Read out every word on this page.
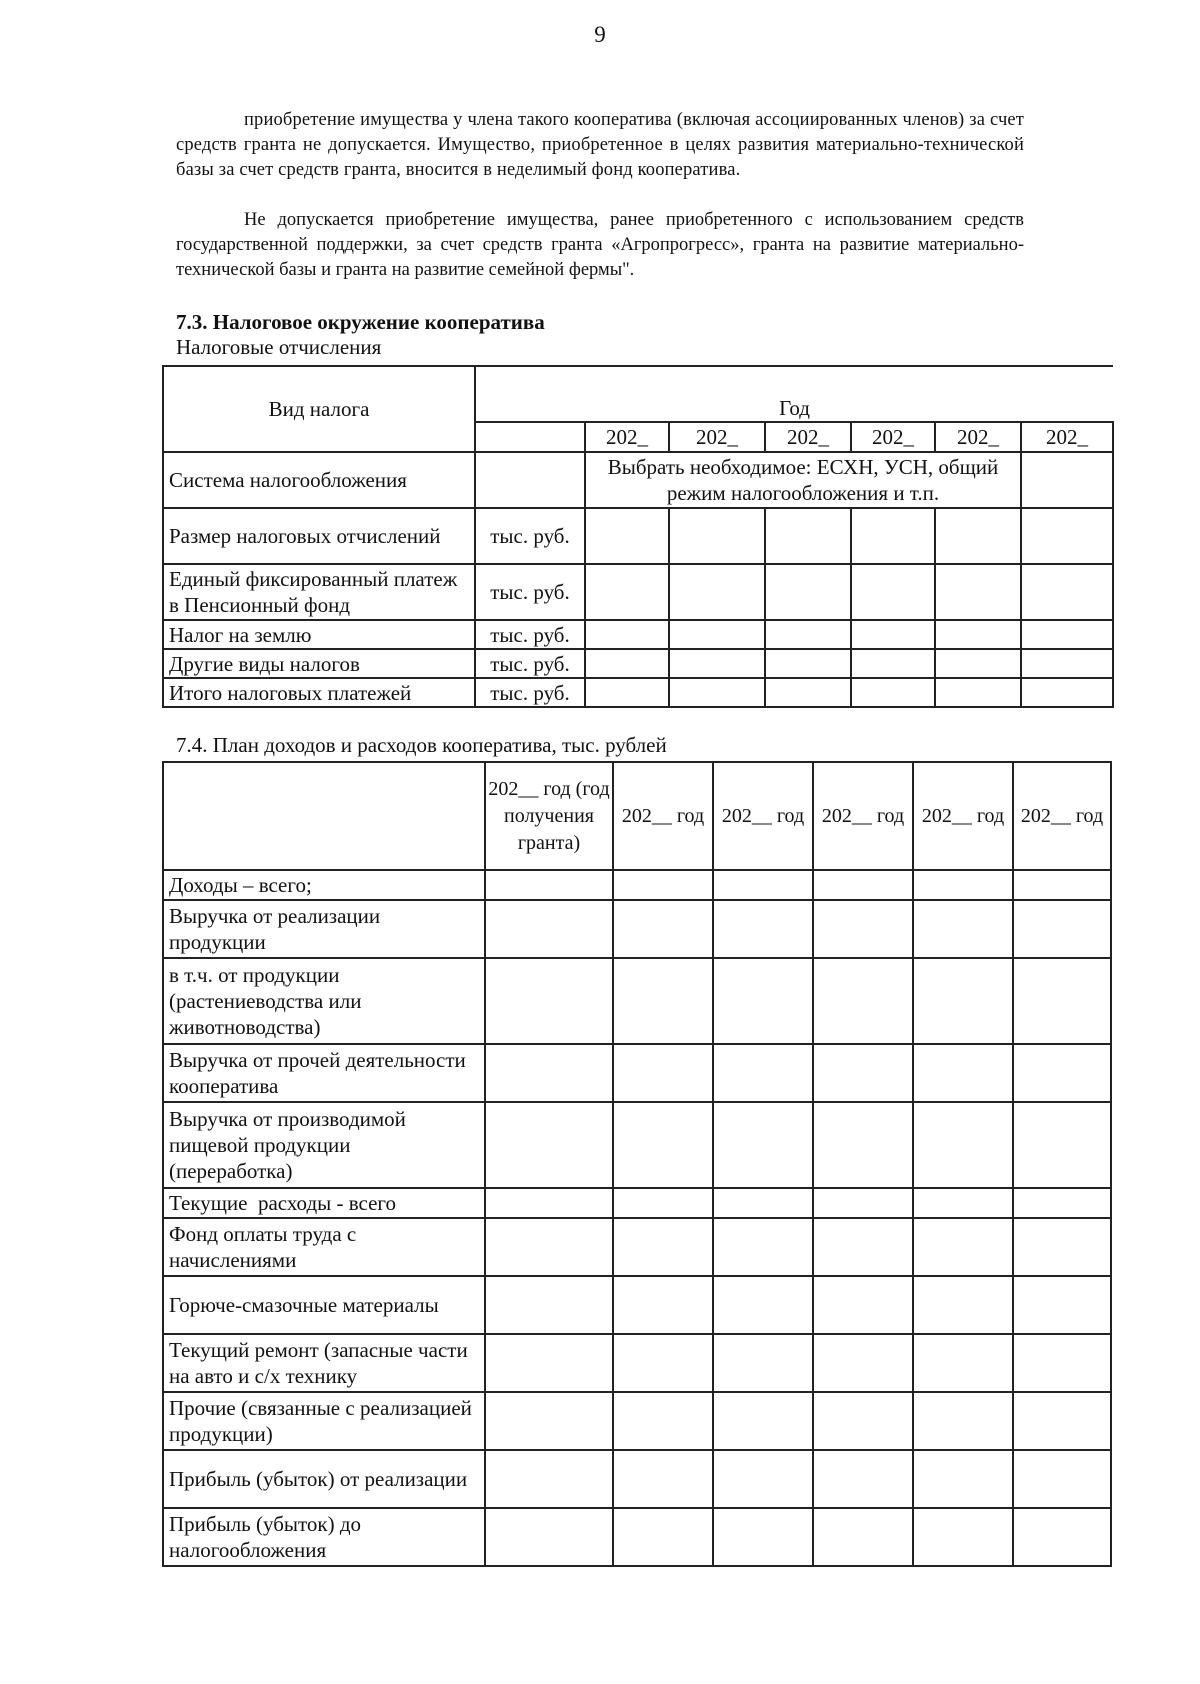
9

приобретение имущества у члена такого кооператива (включая ассоциированных членов) за счет средств гранта не допускается. Имущество, приобретенное в целях развития материально-технической базы за счет средств гранта, вносится в неделимый фонд кооператива.

Не допускается приобретение имущества, ранее приобретенного с использованием средств государственной поддержки, за счет средств гранта «Агропрогресс», гранта на развитие материально-технической базы и гранта на развитие семейной фермы".

7.3. Налоговое окружение кооператива
Налоговые отчисления
Вид налога	Год						
		202_	202_	202_	202_	202_	202_
Система налогообложения		Выбрать необходимое: ЕСХН, УСН, общий режим налогообложения и т.п.					
Размер налоговых отчислений	тыс. руб.						
Единый фиксированный платеж в Пенсионный фонд	тыс. руб.						
Налог на землю	тыс. руб.						
Другие виды налогов	тыс. руб.						
Итого налоговых платежей	тыс. руб.						
7.4. План доходов и расходов кооператива, тыс. рублей
	202__ год (год получения гранта)	202__ год	202__ год	202__ год	202__ год	202__ год
Доходы – всего;						
Выручка от реализации продукции						
в т.ч. от продукции (растениеводства или животноводства)						
Выручка от прочей деятельности кооператива						
Выручка от производимой пищевой продукции (переработка)						
Текущие  расходы - всего						
Фонд оплаты труда с начислениями						
Горюче-смазочные материалы						
Текущий ремонт (запасные части на авто и с/х технику						
Прочие (связанные с реализацией продукции)						
Прибыль (убыток) от реализации						
Прибыль (убыток) до налогообложения						
